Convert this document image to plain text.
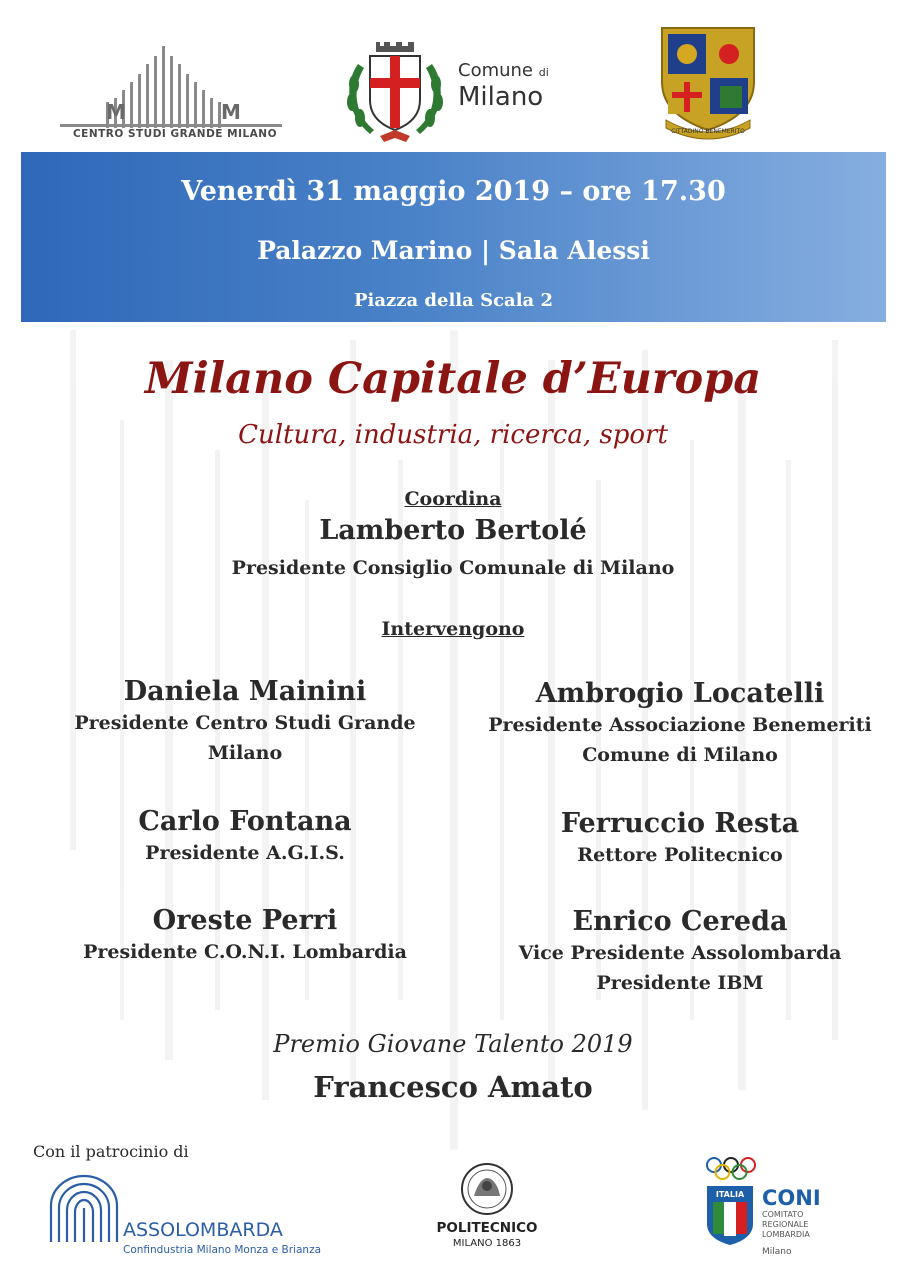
M	M
CENTRO STUDI GRANDE MILANO
Comune di
Milano
CITTADINO BENEMERITO
Venerdì 31 maggio 2019 – ore 17.30
Palazzo Marino | Sala Alessi
Piazza della Scala 2
Milano Capitale d’Europa
Cultura, industria, ricerca, sport
Coordina
Lamberto Bertolé
Presidente Consiglio Comunale di Milano
Intervengono
Daniela Mainini
Presidente Centro Studi Grande
Milano
Carlo Fontana
Presidente A.G.I.S.
Oreste Perri
Presidente C.O.N.I. Lombardia
Ambrogio Locatelli
Presidente Associazione Benemeriti
Comune di Milano
Ferruccio Resta
Rettore Politecnico
Enrico Cereda
Vice Presidente Assolombarda
Presidente IBM
Premio Giovane Talento 2019
Francesco Amato
Con il patrocinio di
ASSOLOMBARDA
Confindustria Milano Monza e Brianza
POLITECNICO
MILANO 1863
ITALIA CONI
COMITATO REGIONALE LOMBARDIA
Milano
